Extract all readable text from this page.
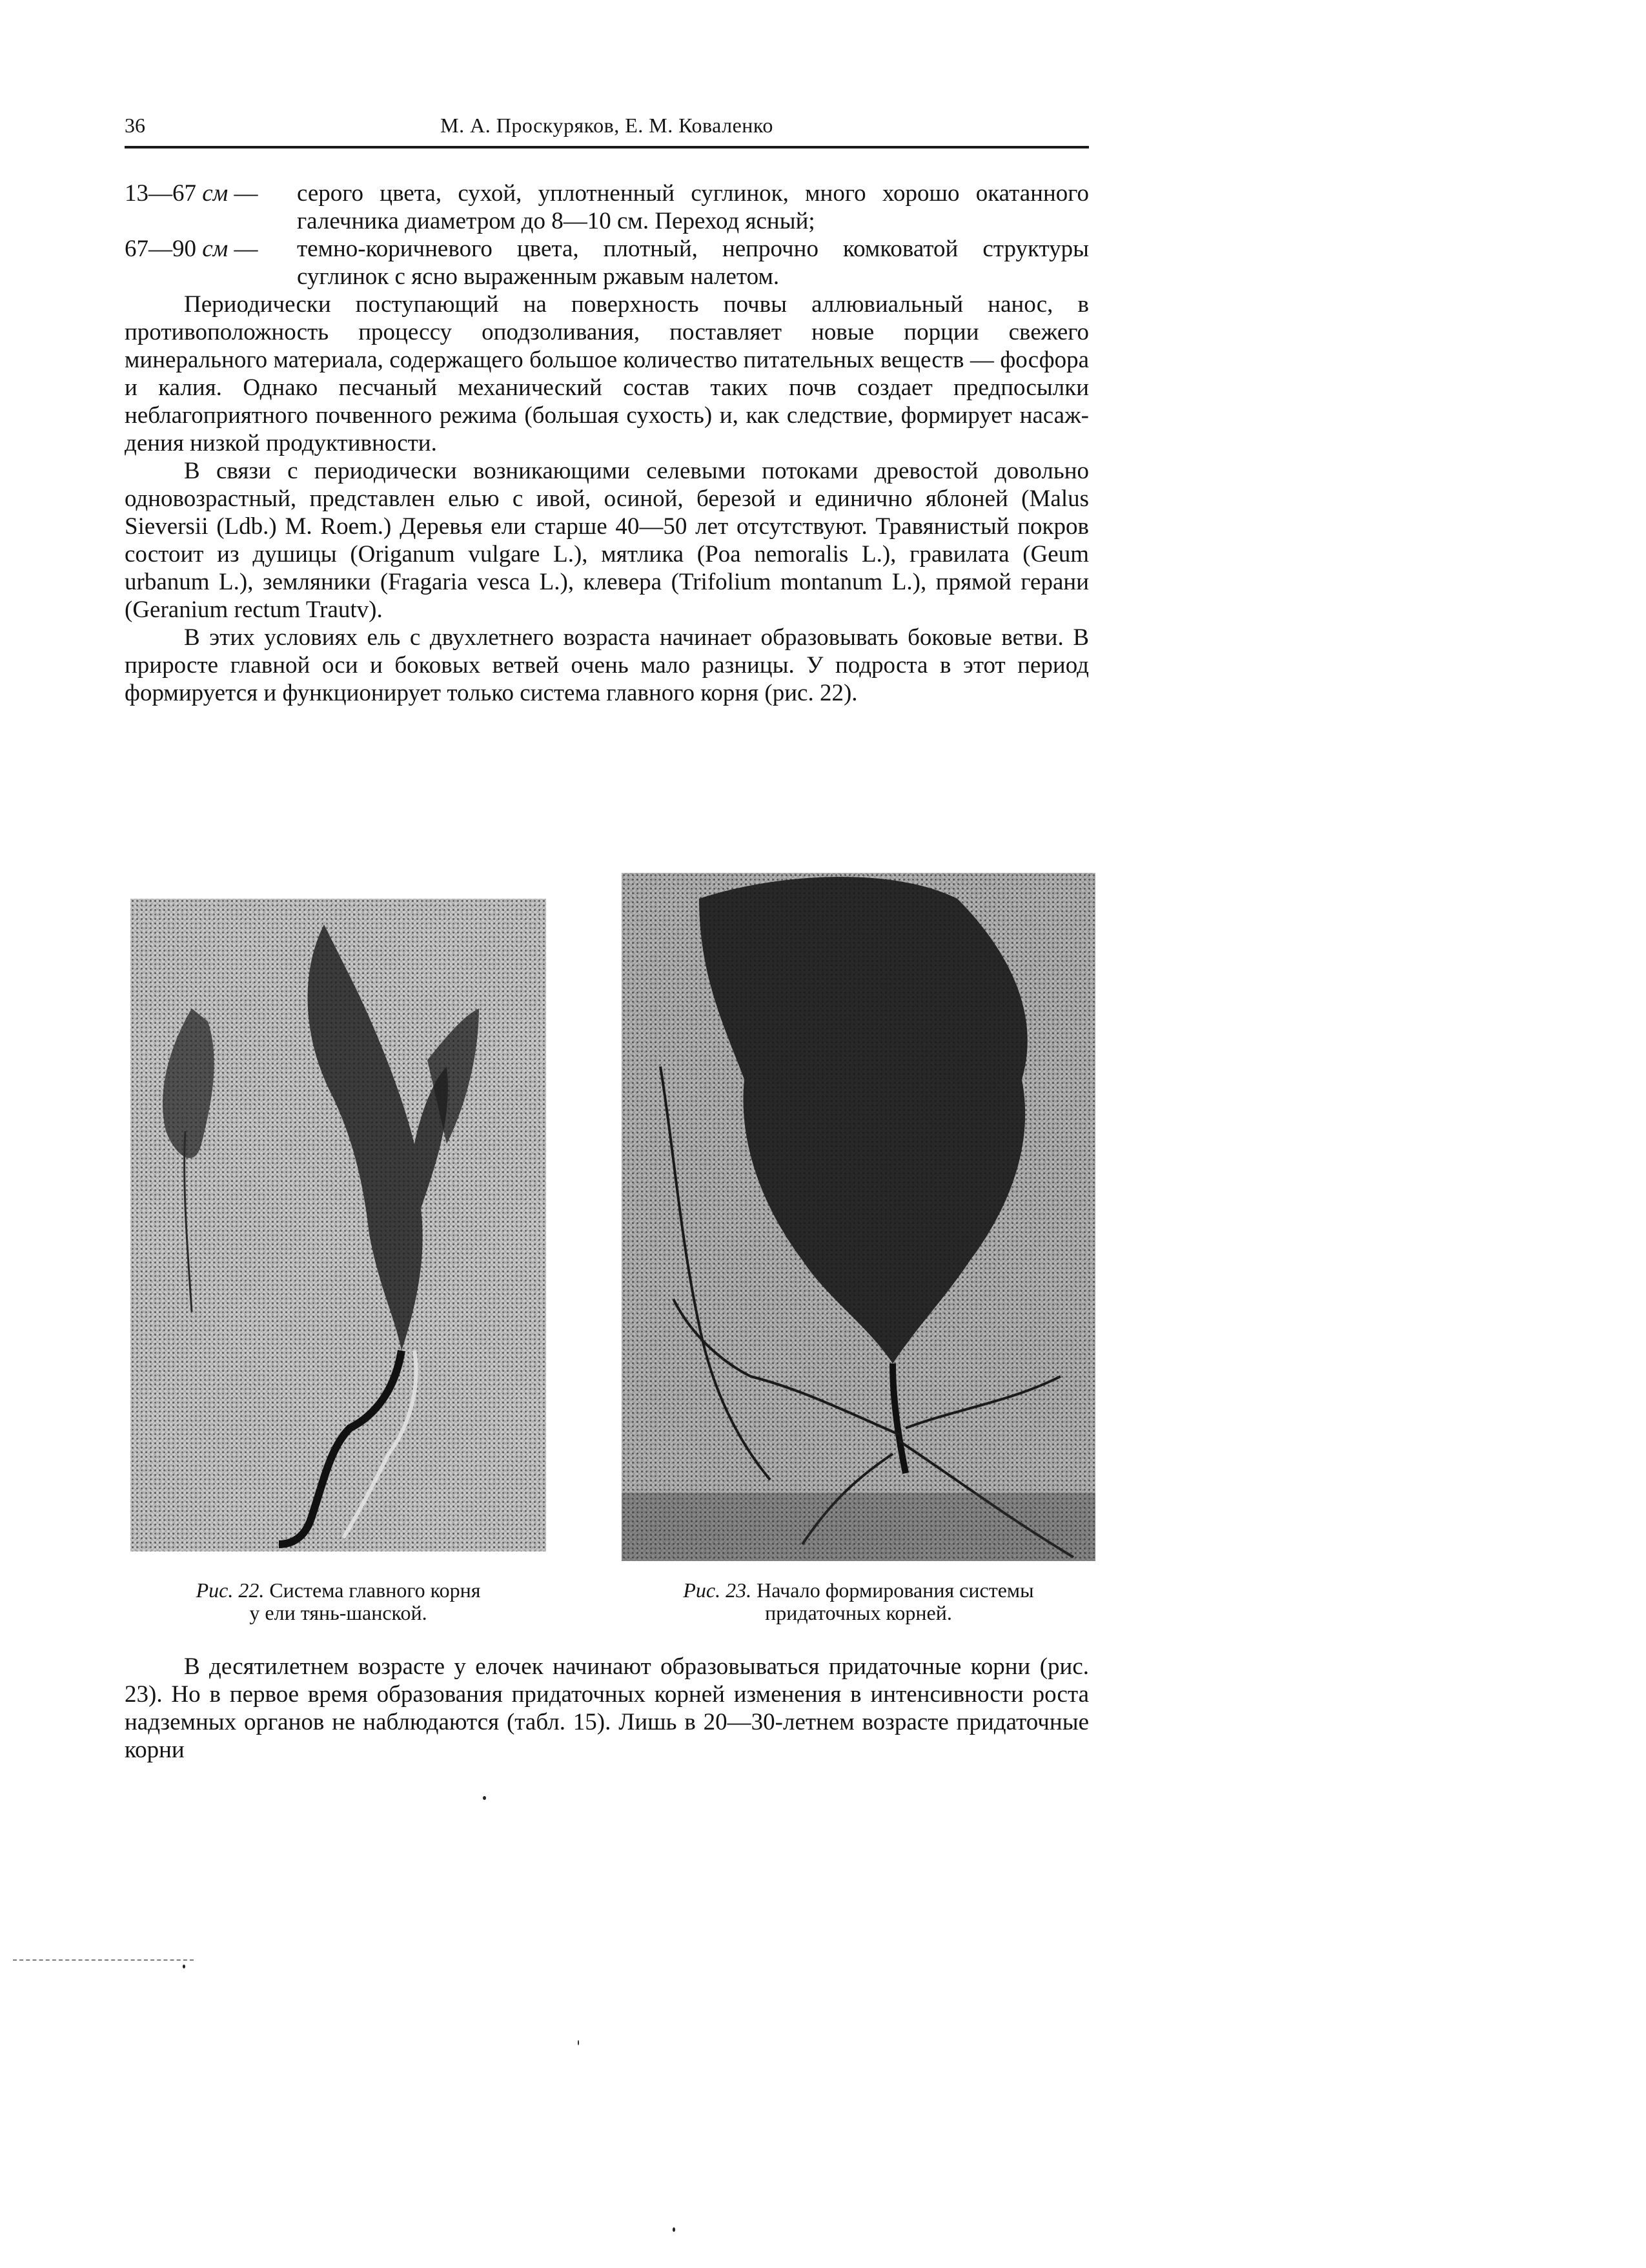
36	М. А. Проскуряков, Е. М. Коваленко
13—67 см —	серого цвета, сухой, уплотненный суглинок, много хорошо окатанного галечника диаметром до 8—10 см. Переход ясный;
67—90 см —	темно-коричневого цвета, плотный, непрочно комковатой структуры суглинок с ясно выраженным ржавым налетом.

Периодически поступающий на поверхность почвы аллювиальный нанос, в противоположность процессу оподзоливания, поставляет новые порции свежего минерального материала, содержащего большое количество питательных веществ — фосфора и калия. Однако песчаный механический состав таких почв создает предпосылки неблагоприятного почвенного режима (большая сухость) и, как следствие, формирует насаждения низкой продуктивности.

В связи с периодически возникающими селевыми потоками древостой довольно одновозрастный, представлен елью с ивой, осиной, березой и единично яблоней (Malus Sieversii (Ldb.) M. Roem.) Деревья ели старше 40—50 лет отсутствуют. Травянистый покров состоит из душицы (Origanum vulgare L.), мятлика (Poa nemoralis L.), гравилата (Geum urbanum L.), земляники (Fragaria vesca L.), клевера (Trifolium montanum L.), прямой герани (Geranium rectum Trautv).

В этих условиях ель с двухлетнего возраста начинает образовывать боковые ветви. В приросте главной оси и боковых ветвей очень мало разницы. У подроста в этот период формируется и функционирует только система главного корня (рис. 22).

Рис. 22. Система главного корня
у ели тянь-шанской.
Рис. 23. Начало формирования системы
придаточных корней.

В десятилетнем возрасте у елочек начинают образовываться придаточные корни (рис. 23). Но в первое время образования придаточных корней изменения в интенсивности роста надземных органов не наблюдаются (табл. 15). Лишь в 20—30-летнем возрасте придаточные корни
